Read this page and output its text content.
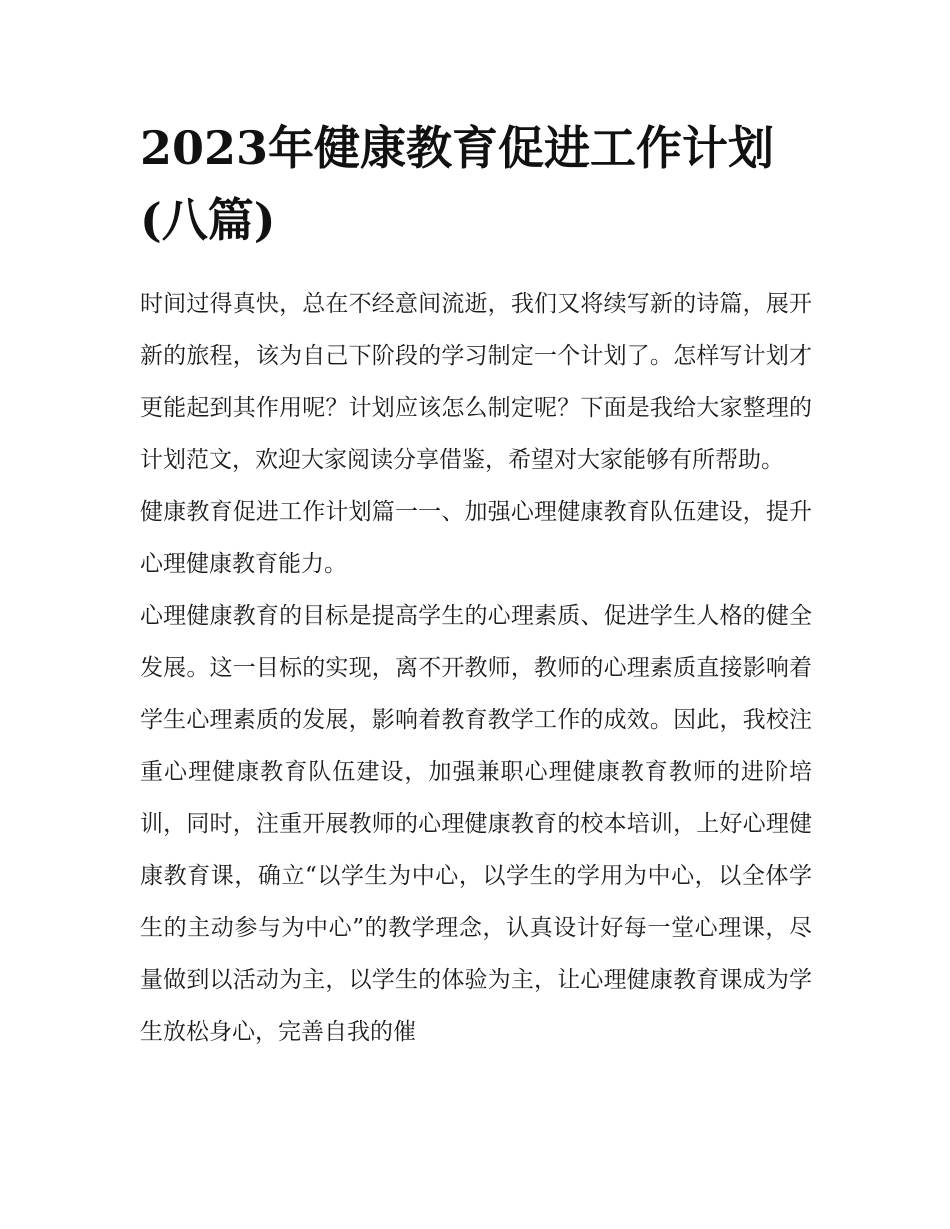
2023年健康教育促进工作计划(八篇)

时间过得真快，总在不经意间流逝，我们又将续写新的诗篇，展开新的旅程，该为自己下阶段的学习制定一个计划了。怎样写计划才更能起到其作用呢？计划应该怎么制定呢？下面是我给大家整理的计划范文，欢迎大家阅读分享借鉴，希望对大家能够有所帮助。

健康教育促进工作计划篇一一、加强心理健康教育队伍建设，提升心理健康教育能力。

心理健康教育的目标是提高学生的心理素质、促进学生人格的健全发展。这一目标的实现，离不开教师，教师的心理素质直接影响着学生心理素质的发展，影响着教育教学工作的成效。因此，我校注重心理健康教育队伍建设，加强兼职心理健康教育教师的进阶培训，同时，注重开展教师的心理健康教育的校本培训，上好心理健康教育课，确立“以学生为中心，以学生的学用为中心，以全体学生的主动参与为中心”的教学理念，认真设计好每一堂心理课，尽量做到以活动为主，以学生的体验为主，让心理健康教育课成为学生放松身心，完善自我的催
